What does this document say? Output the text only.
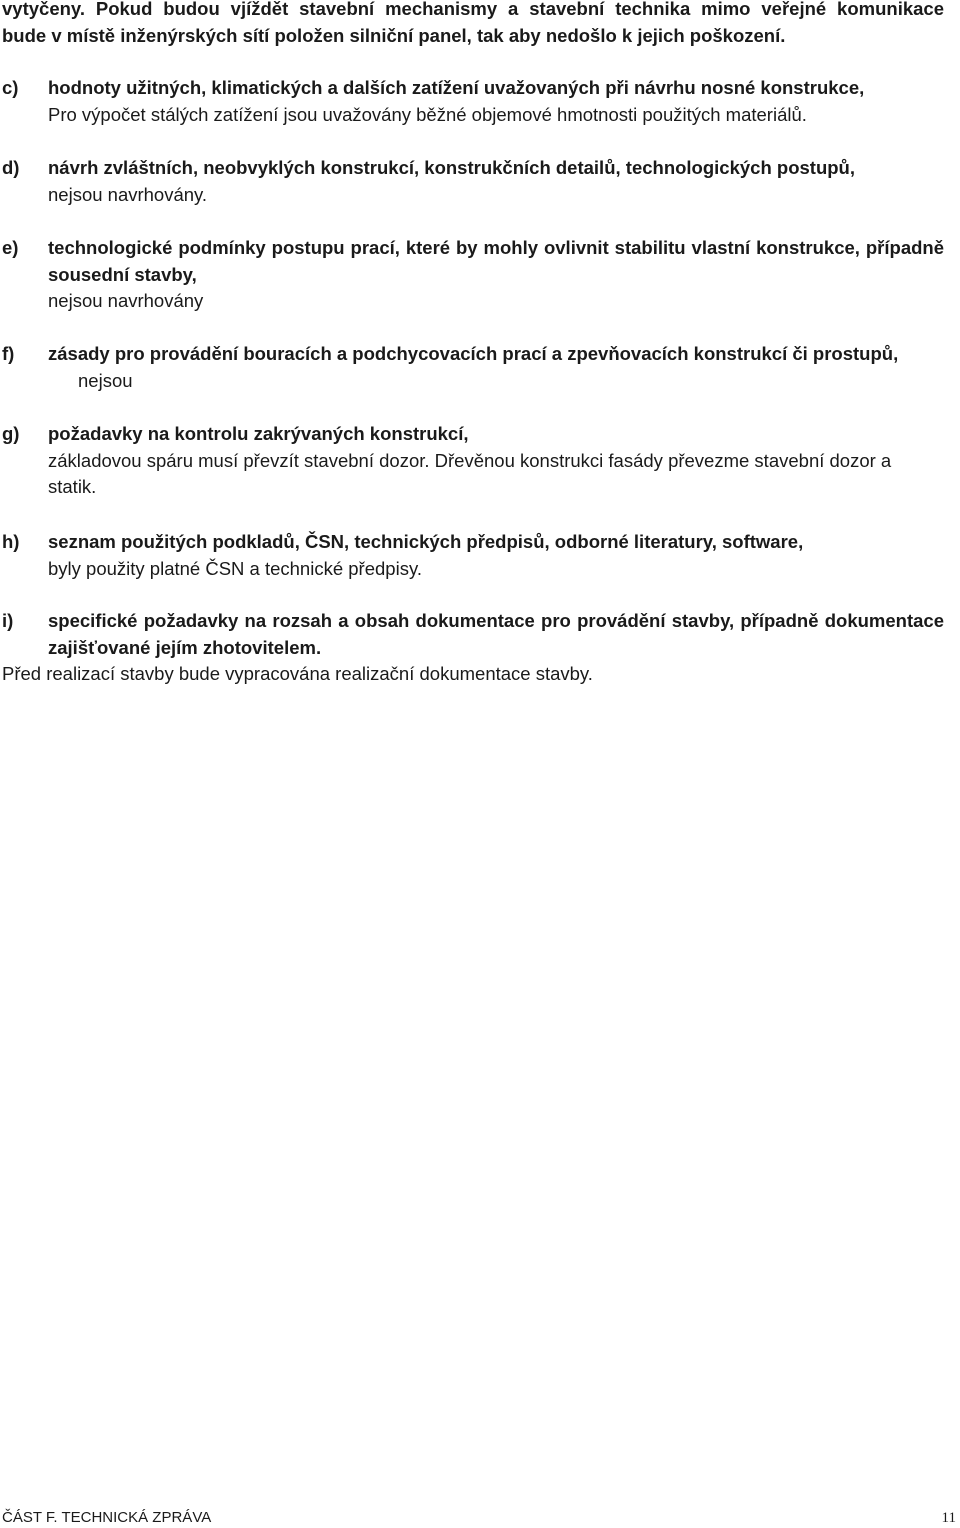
vytyčeny. Pokud budou vjíždět stavební mechanismy a stavební technika mimo veřejné komunikace
bude v místě inženýrských sítí položen silniční panel, tak aby nedošlo k jejich poškození.
c) hodnoty užitných, klimatických a dalších zatížení uvažovaných při návrhu nosné konstrukce,
Pro výpočet stálých zatížení jsou uvažovány běžné objemové hmotnosti použitých materiálů.
d) návrh zvláštních, neobvyklých konstrukcí, konstrukčních detailů, technologických postupů,
nejsou navrhovány.
e) technologické podmínky postupu prací, které by mohly ovlivnit stabilitu vlastní konstrukce, případně sousední stavby,
nejsou navrhovány
f) zásady pro provádění bouracích a podchycovacích prací a zpevňovacích konstrukcí či prostupů,
nejsou
g) požadavky na kontrolu zakrývaných konstrukcí,
základovou spáru musí převzít stavební dozor. Dřevěnou konstrukci fasády převezme stavební dozor a statik.
h) seznam použitých podkladů, ČSN, technických předpisů, odborné literatury, software,
byly použity platné ČSN a technické předpisy.
i) specifické požadavky na rozsah a obsah dokumentace pro provádění stavby, případně dokumentace zajišťované jejím zhotovitelem.
Před realizací stavby bude vypracována realizační dokumentace stavby.
ČÁST F. TECHNICKÁ ZPRÁVA	11
